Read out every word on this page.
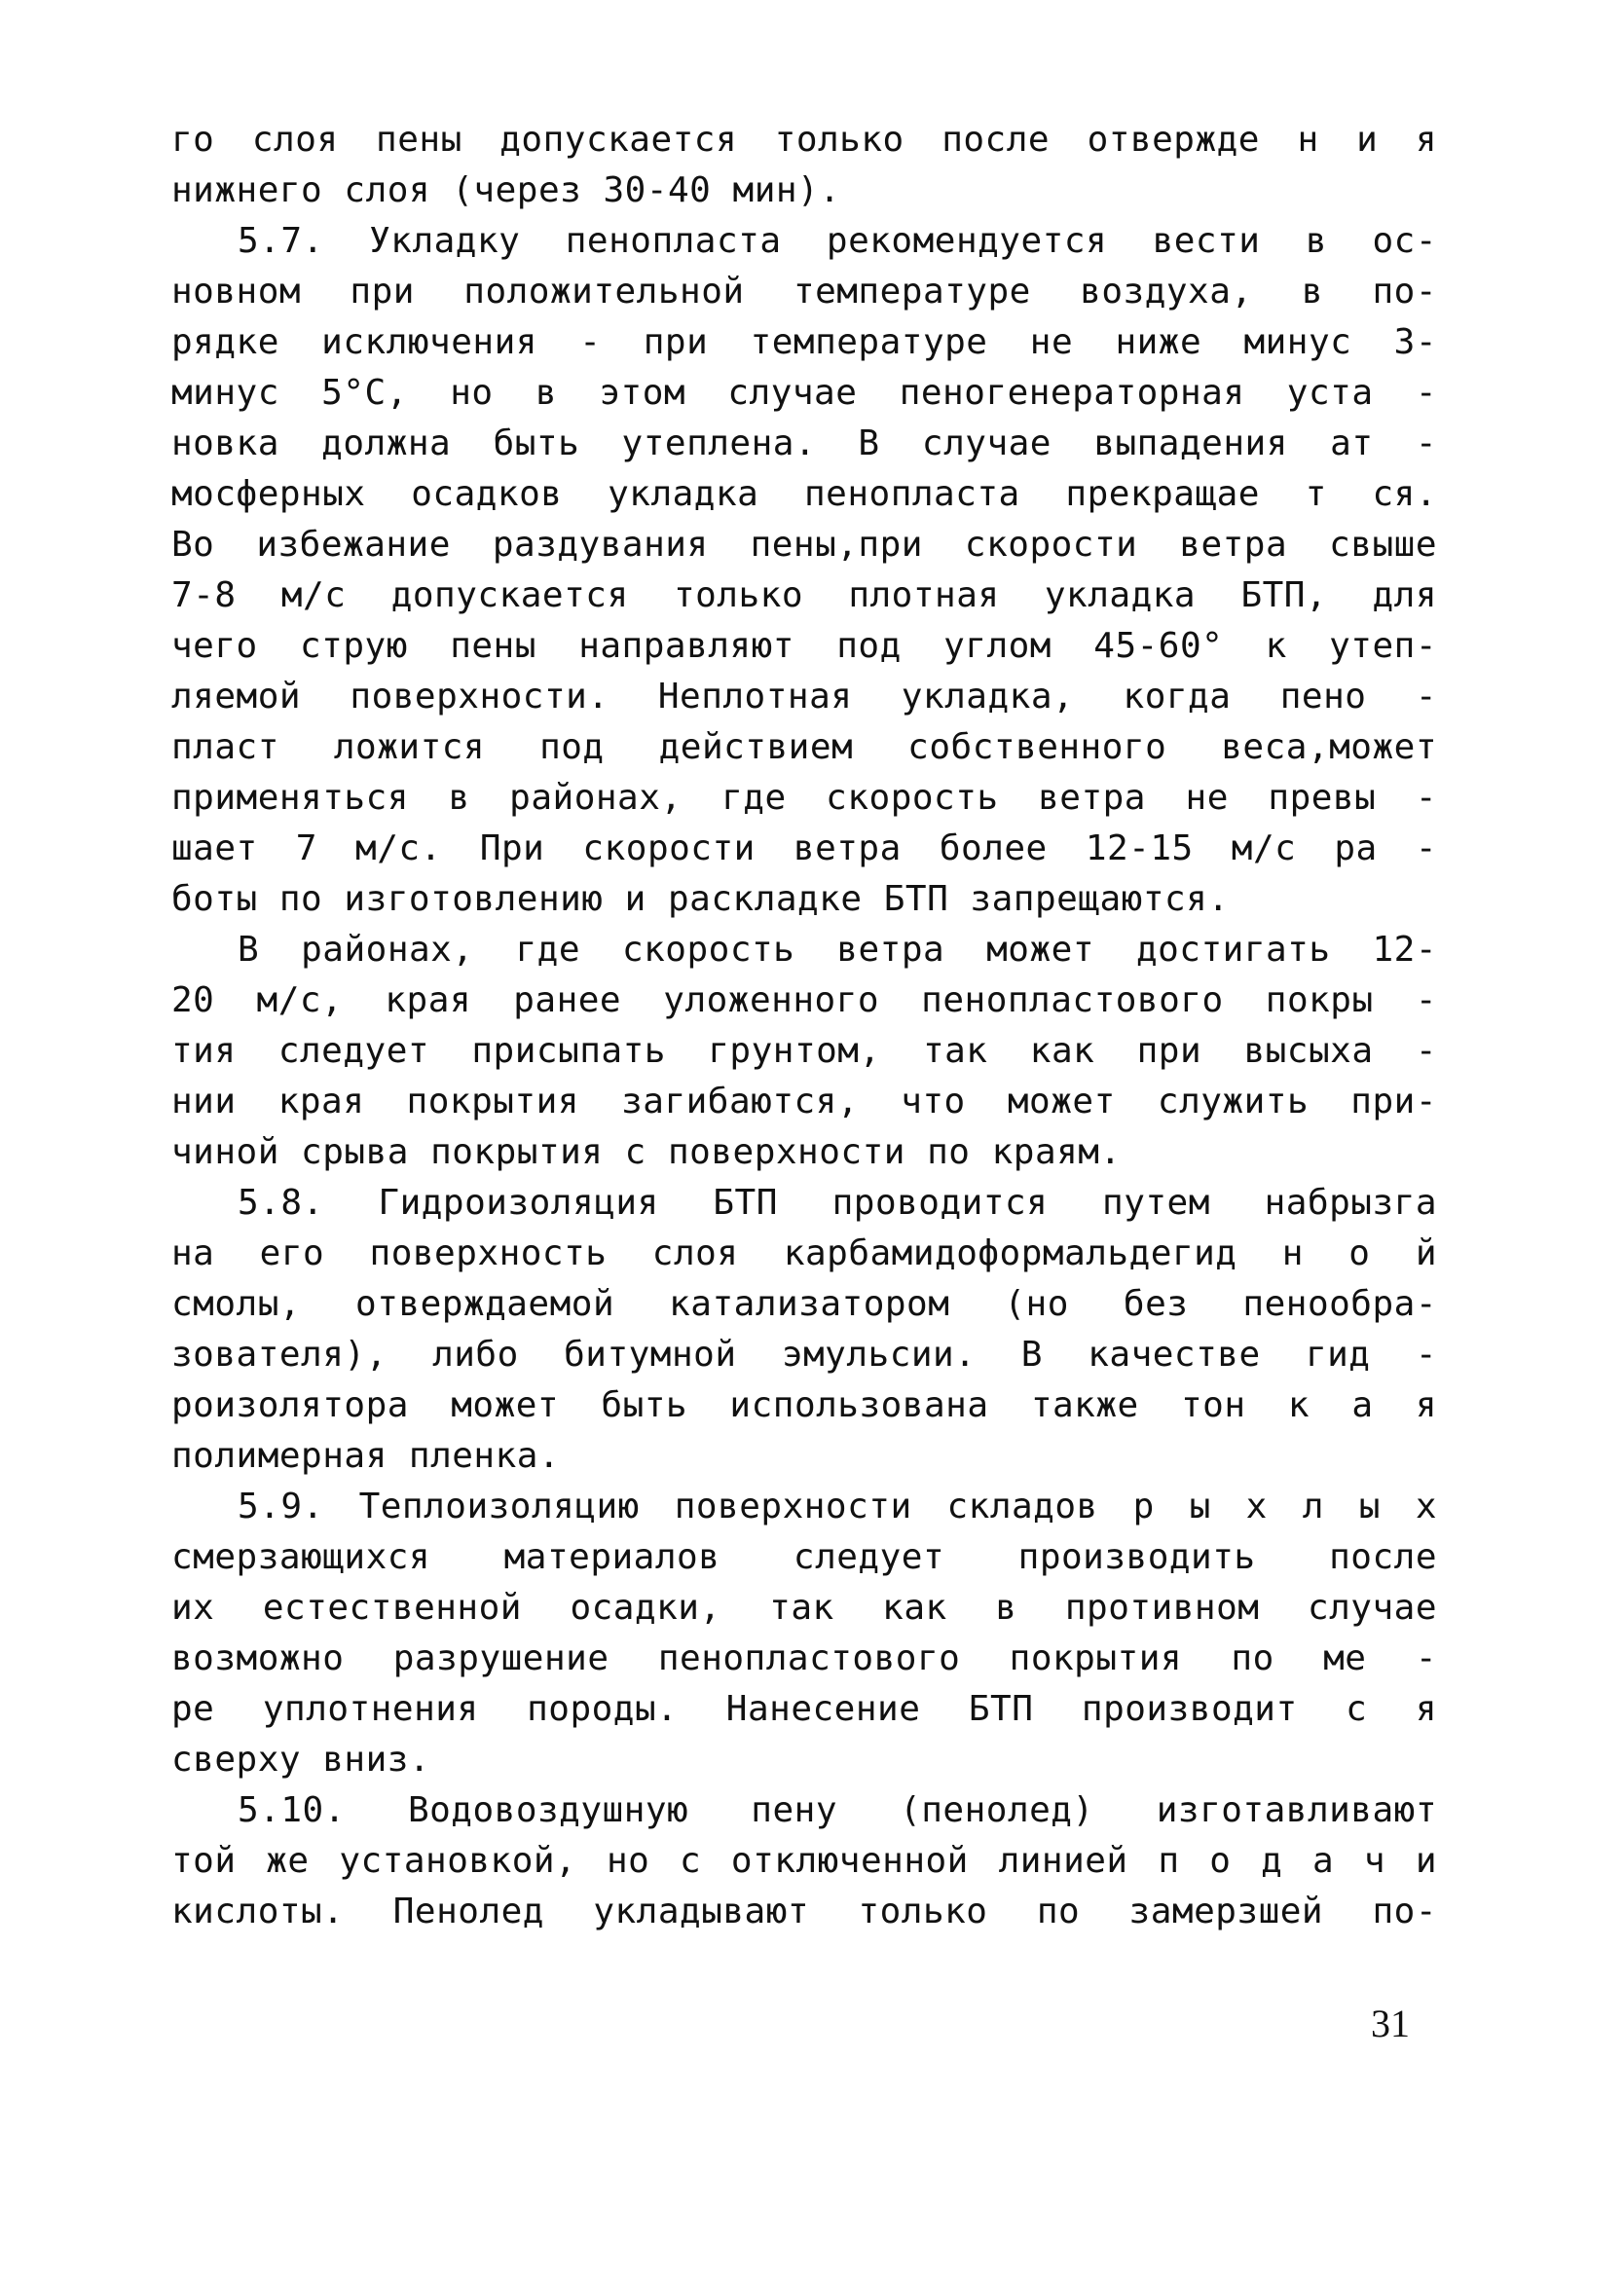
го слоя пены допускается только после отвержде н и я
нижнего слоя (через 30-40 мин).
5.7. Укладку пенопласта рекомендуется вести в ос-
новном при положительной температуре воздуха, в по-
рядке исключения - при температуре не ниже минус 3-
минус 5°C, но в этом случае пеногенераторная уста -
новка должна быть утеплена. В случае выпадения ат -
мосферных осадков укладка пенопласта прекращае т ся.
Во избежание раздувания пены,при скорости ветра свыше
7-8 м/с допускается только плотная укладка БТП, для
чего струю пены направляют под углом 45-60° к утеп-
ляемой поверхности. Неплотная укладка, когда пено -
пласт ложится под действием собственного веса,может
применяться в районах, где скорость ветра не превы -
шает 7 м/с. При скорости ветра более 12-15 м/с ра -
боты по изготовлению и раскладке БТП запрещаются.
В районах, где скорость ветра может достигать 12-
20 м/с, края ранее уложенного пенопластового покры -
тия следует присыпать грунтом, так как при высыха -
нии края покрытия загибаются, что может служить при-
чиной срыва покрытия с поверхности по краям.
5.8. Гидроизоляция БТП проводится путем набрызга
на его поверхность слоя карбамидоформальдегид н о й
смолы, отверждаемой катализатором (но без пенообра-
зователя), либо битумной эмульсии. В качестве гид -
роизолятора может быть использована также тон к а я
полимерная пленка.
5.9. Теплоизоляцию поверхности складов р ы х л ы х
смерзающихся материалов следует производить после
их естественной осадки, так как в противном случае
возможно разрушение пенопластового покрытия по ме -
ре уплотнения породы. Нанесение БТП производит с я
сверху вниз.
5.10. Водовоздушную пену (пенолед) изготавливают
той же установкой, но с отключенной линией п о д а ч и
кислоты. Пенолед укладывают только по замерзшей по-
31
